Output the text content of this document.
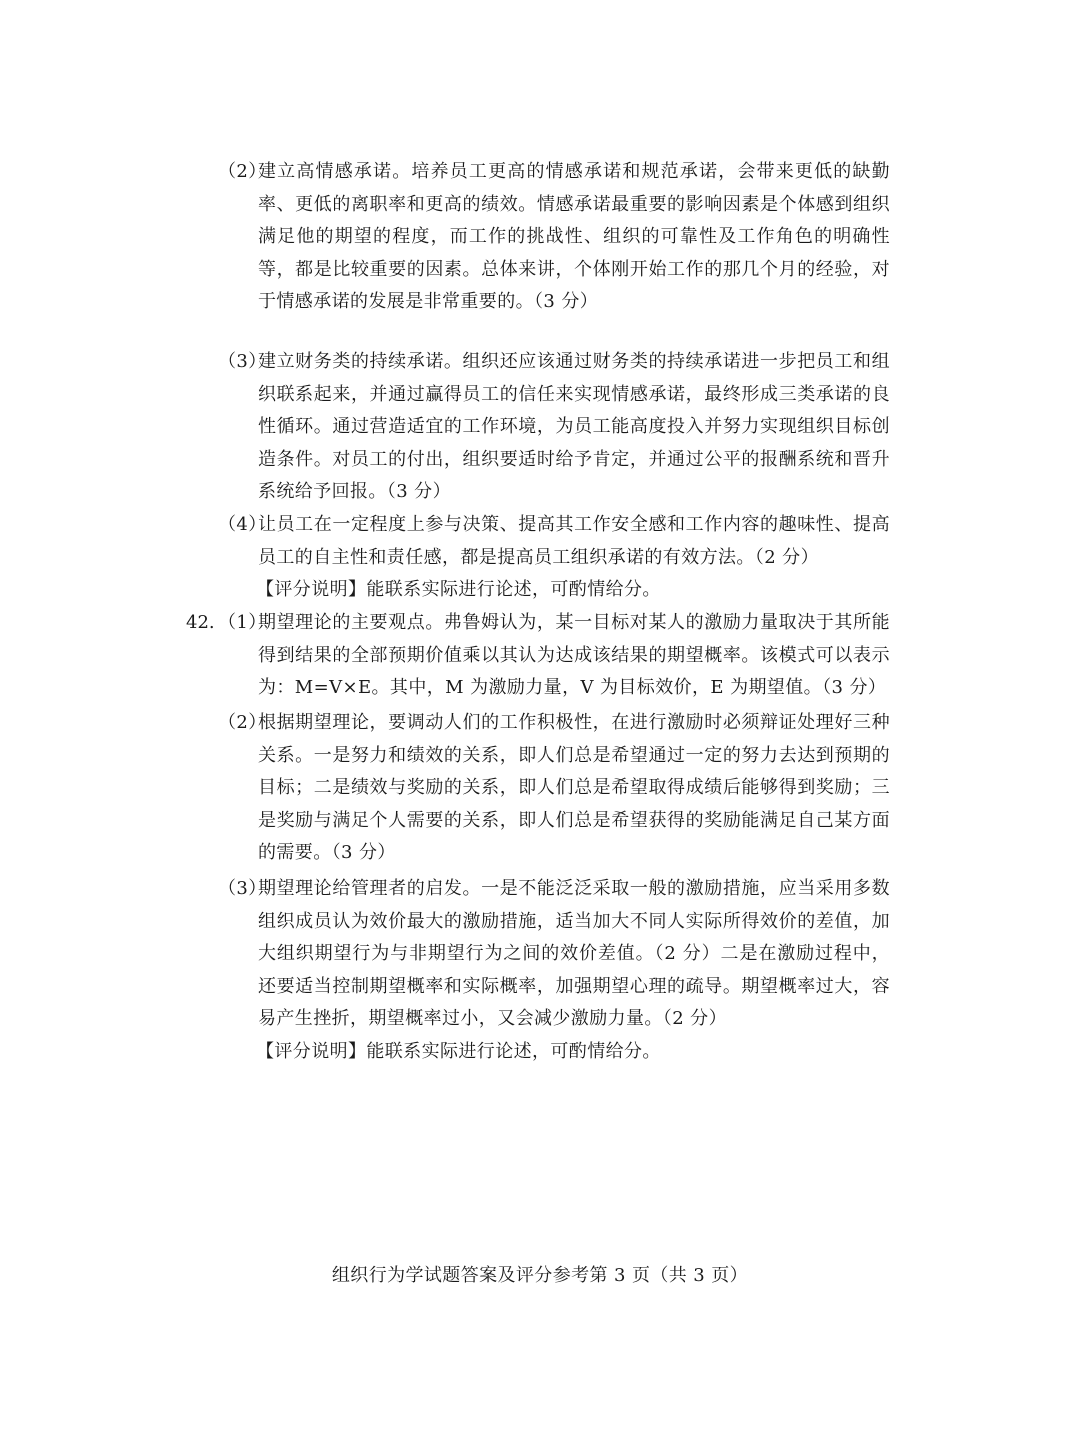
（2）

建立高情感承诺。培养员工更高的情感承诺和规范承诺，会带来更低的缺勤率、更低的离职率和更高的绩效。情感承诺最重要的影响因素是个体感到组织满足他的期望的程度，而工作的挑战性、组织的可靠性及工作角色的明确性等，都是比较重要的因素。总体来讲，个体刚开始工作的那几个月的经验，对于情感承诺的发展是非常重要的。（3 分）

（3）

建立财务类的持续承诺。组织还应该通过财务类的持续承诺进一步把员工和组织联系起来，并通过赢得员工的信任来实现情感承诺，最终形成三类承诺的良性循环。通过营造适宜的工作环境，为员工能高度投入并努力实现组织目标创造条件。对员工的付出，组织要适时给予肯定，并通过公平的报酬系统和晋升系统给予回报。（3 分）

（4）

让员工在一定程度上参与决策、提高其工作安全感和工作内容的趣味性、提高员工的自主性和责任感，都是提高员工组织承诺的有效方法。（2 分）

【评分说明】能联系实际进行论述，可酌情给分。
42. （1）

期望理论的主要观点。弗鲁姆认为，某一目标对某人的激励力量取决于其所能得到结果的全部预期价值乘以其认为达成该结果的期望概率。该模式可以表示为：M=V×E。其中，M 为激励力量，V 为目标效价，E 为期望值。（3 分）

（2）

根据期望理论，要调动人们的工作积极性，在进行激励时必须辩证处理好三种关系。一是努力和绩效的关系，即人们总是希望通过一定的努力去达到预期的目标；二是绩效与奖励的关系，即人们总是希望取得成绩后能够得到奖励；三是奖励与满足个人需要的关系，即人们总是希望获得的奖励能满足自己某方面的需要。（3 分）

（3）

期望理论给管理者的启发。一是不能泛泛采取一般的激励措施，应当采用多数组织成员认为效价最大的激励措施，适当加大不同人实际所得效价的差值，加大组织期望行为与非期望行为之间的效价差值。（2 分）二是在激励过程中，还要适当控制期望概率和实际概率，加强期望心理的疏导。期望概率过大，容易产生挫折，期望概率过小，又会减少激励力量。（2 分）

【评分说明】能联系实际进行论述，可酌情给分。
组织行为学试题答案及评分参考第 3 页（共 3 页）
